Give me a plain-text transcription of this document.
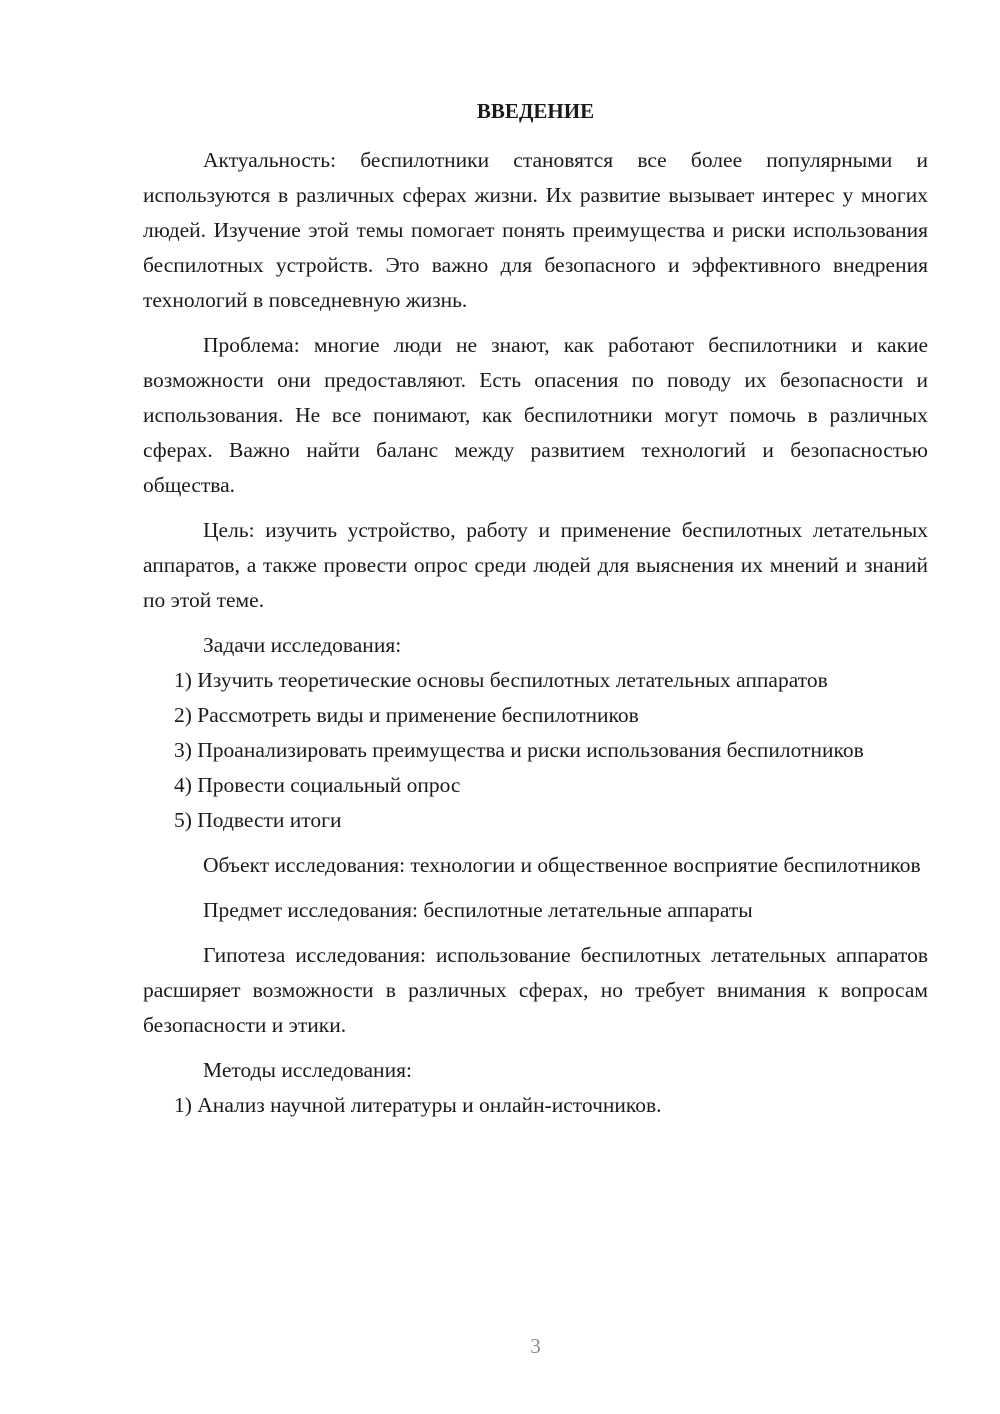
ВВЕДЕНИЕ

Актуальность: беспилотники становятся все более популярными и используются в различных сферах жизни. Их развитие вызывает интерес у многих людей. Изучение этой темы помогает понять преимущества и риски использования беспилотных устройств. Это важно для безопасного и эффективного внедрения технологий в повседневную жизнь.

Проблема: многие люди не знают, как работают беспилотники и какие возможности они предоставляют. Есть опасения по поводу их безопасности и использования. Не все понимают, как беспилотники могут помочь в различных сферах. Важно найти баланс между развитием технологий и безопасностью общества.

Цель: изучить устройство, работу и применение беспилотных летательных аппаратов, а также провести опрос среди людей для выяснения их мнений и знаний по этой теме.

Задачи исследования:

1) Изучить теоретические основы беспилотных летательных аппаратов

2) Рассмотреть виды и применение беспилотников

3) Проанализировать преимущества и риски использования беспилотников

4) Провести социальный опрос

5) Подвести итоги

Объект исследования: технологии и общественное восприятие беспилотников

Предмет исследования: беспилотные летательные аппараты

Гипотеза исследования: использование беспилотных летательных аппаратов расширяет возможности в различных сферах, но требует внимания к вопросам безопасности и этики.

Методы исследования:

1) Анализ научной литературы и онлайн-источников.

3
